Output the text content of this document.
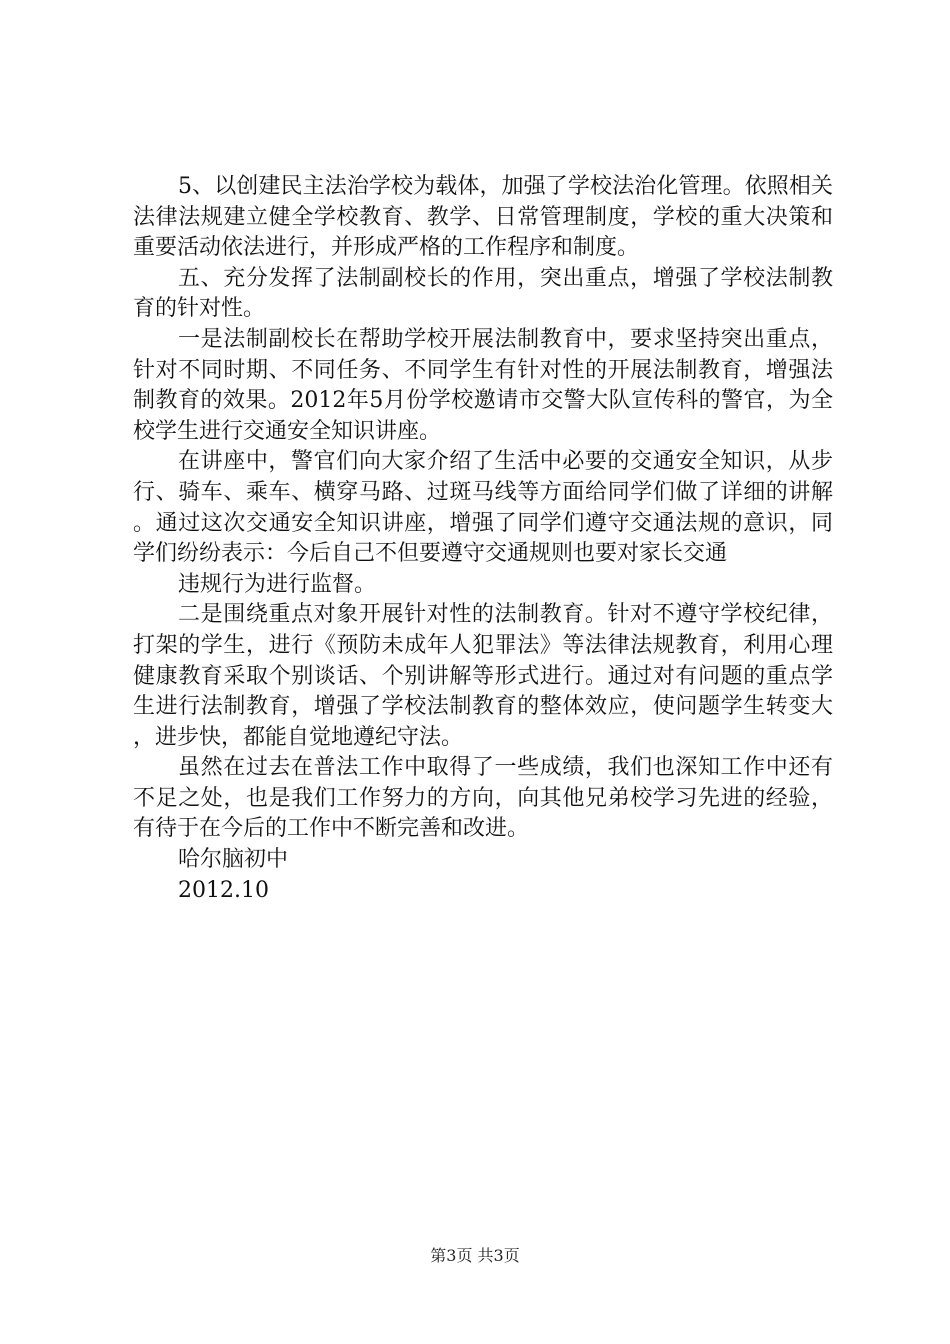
5、以创建民主法治学校为载体，加强了学校法治化管理。依照相关法律法规建立健全学校教育、教学、日常管理制度，学校的重大决策和重要活动依法进行，并形成严格的工作程序和制度。

五、充分发挥了法制副校长的作用，突出重点，增强了学校法制教育的针对性。

一是法制副校长在帮助学校开展法制教育中，要求坚持突出重点，针对不同时期、不同任务、不同学生有针对性的开展法制教育，增强法制教育的效果。2012年5月份学校邀请市交警大队宣传科的警官，为全校学生进行交通安全知识讲座。

在讲座中，警官们向大家介绍了生活中必要的交通安全知识，从步行、骑车、乘车、横穿马路、过斑马线等方面给同学们做了详细的讲解。通过这次交通安全知识讲座，增强了同学们遵守交通法规的意识，同学们纷纷表示：今后自己不但要遵守交通规则也要对家长交通

违规行为进行监督。

二是围绕重点对象开展针对性的法制教育。针对不遵守学校纪律，打架的学生，进行《预防未成年人犯罪法》等法律法规教育，利用心理健康教育采取个别谈话、个别讲解等形式进行。通过对有问题的重点学生进行法制教育，增强了学校法制教育的整体效应，使问题学生转变大，进步快，都能自觉地遵纪守法。

虽然在过去在普法工作中取得了一些成绩，我们也深知工作中还有不足之处，也是我们工作努力的方向，向其他兄弟校学习先进的经验，有待于在今后的工作中不断完善和改进。

哈尔脑初中

2012.10

第3页 共3页
